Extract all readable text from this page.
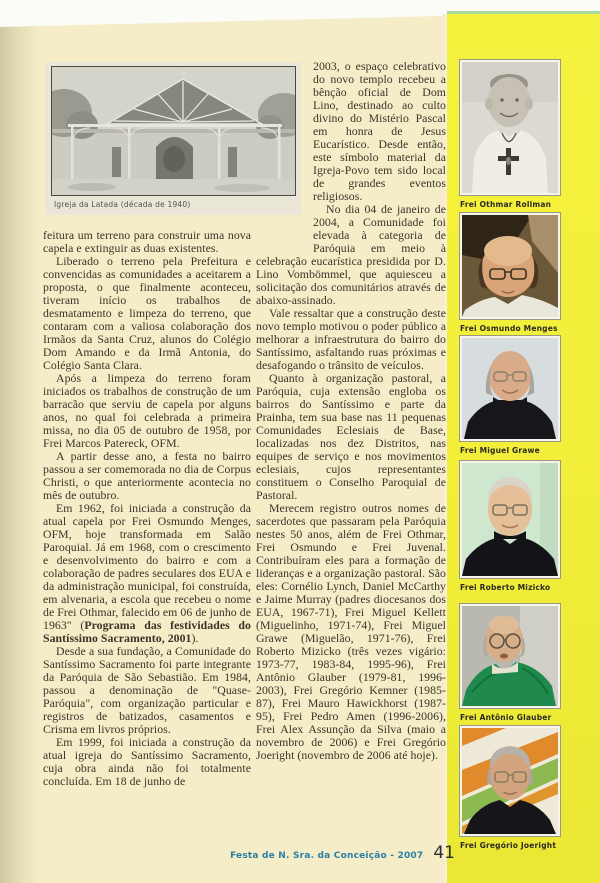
Igreja da Latada (década de 1940)

feitura um terreno para construir uma nova capela e extinguir as duas existentes.

Liberado o terreno pela Prefeitura e convencidas as comunidades a aceitarem a proposta, o que finalmente aconteceu, tiveram início os trabalhos de desmatamento e limpeza do terreno, que contaram com a valiosa colaboração dos Irmãos da Santa Cruz, alunos do Colégio Dom Amando e da Irmã Antonia, do Colégio Santa Clara.

Após a limpeza do terreno foram iniciados os trabalhos de construção de um barracão que serviu de capela por alguns anos, no qual foi celebrada a primeira missa, no dia 05 de outubro de 1958, por Frei Marcos Patereck, OFM.

A partir desse ano, a festa no bairro passou a ser comemorada no dia de Corpus Christi, o que anteriormente acontecia no mês de outubro.

Em 1962, foi iniciada a construção da atual capela por Frei Osmundo Menges, OFM, hoje transformada em Salão Paroquial. Já em 1968, com o crescimento e desenvolvimento do bairro e com a colaboração de padres seculares dos EUA e da administração municipal, foi construída, em alvenaria, a escola que recebeu o nome de Frei Othmar, falecido em 06 de junho de 1963" (Programa das festividades do Santíssimo Sacramento, 2001).

Desde a sua fundação, a Comunidade do Santíssimo Sacramento foi parte integrante da Paróquia de São Sebastião. Em 1984, passou a denominação de "Quase-Paróquia", com organização particular e registros de batizados, casamentos e Crisma em livros próprios.

Em 1999, foi iniciada a construção da atual igreja do Santíssimo Sacramento, cuja obra ainda não foi totalmente concluída. Em 18 de junho de

2003, o espaço celebrativo do novo templo recebeu a bênção oficial de Dom Lino, destinado ao culto divino do Mistério Pascal em honra de Jesus Eucarístico. Desde então, este símbolo material da Igreja-Povo tem sido local de grandes eventos religiosos.

No dia 04 de janeiro de 2004, a Comunidade foi elevada à categoria de Paróquia em meio à celebração eucarística presidida por D. Lino Vombömmel, que aquiesceu a solicitação dos comunitários através de abaixo-assinado.

Vale ressaltar que a construção deste novo templo motivou o poder público a melhorar a infraestrutura do bairro do Santíssimo, asfaltando ruas próximas e desafogando o trânsito de veículos.

Quanto à organização pastoral, a Paróquia, cuja extensão engloba os bairros do Santíssimo e parte da Prainha, tem sua base nas 11 pequenas Comunidades Eclesiais de Base, localizadas nos dez Distritos, nas equipes de serviço e nos movimentos eclesiais, cujos representantes constituem o Conselho Paroquial de Pastoral.

Merecem registro outros nomes de sacerdotes que passaram pela Paróquia nestes 50 anos, além de Frei Othmar, Frei Osmundo e Frei Juvenal. Contribuíram eles para a formação de lideranças e a organização pastoral. São eles: Cornélio Lynch, Daniel McCarthy e Jaime Murray (padres diocesanos dos EUA, 1967-71), Frei Miguel Kellett (Miguelinho, 1971-74), Frei Miguel Grawe (Miguelão, 1971-76), Frei Roberto Mizicko (três vezes vigário: 1973-77, 1983-84, 1995-96), Frei Antônio Glauber (1979-81, 1996-2003), Frei Gregório Kemner (1985-87), Frei Mauro Hawickhorst (1987-95), Frei Pedro Amen (1996-2006), Frei Alex Assunção da Silva (maio a novembro de 2006) e Frei Gregório Joeright (novembro de 2006 até hoje).

Frei Othmar Rollman
Frei Osmundo Menges
Frei Miguel Grawe
Frei Roberto Mizicko
Frei Antônio Glauber
Frei Gregório Joeright
Festa de N. Sra. da Conceição - 2007 41
